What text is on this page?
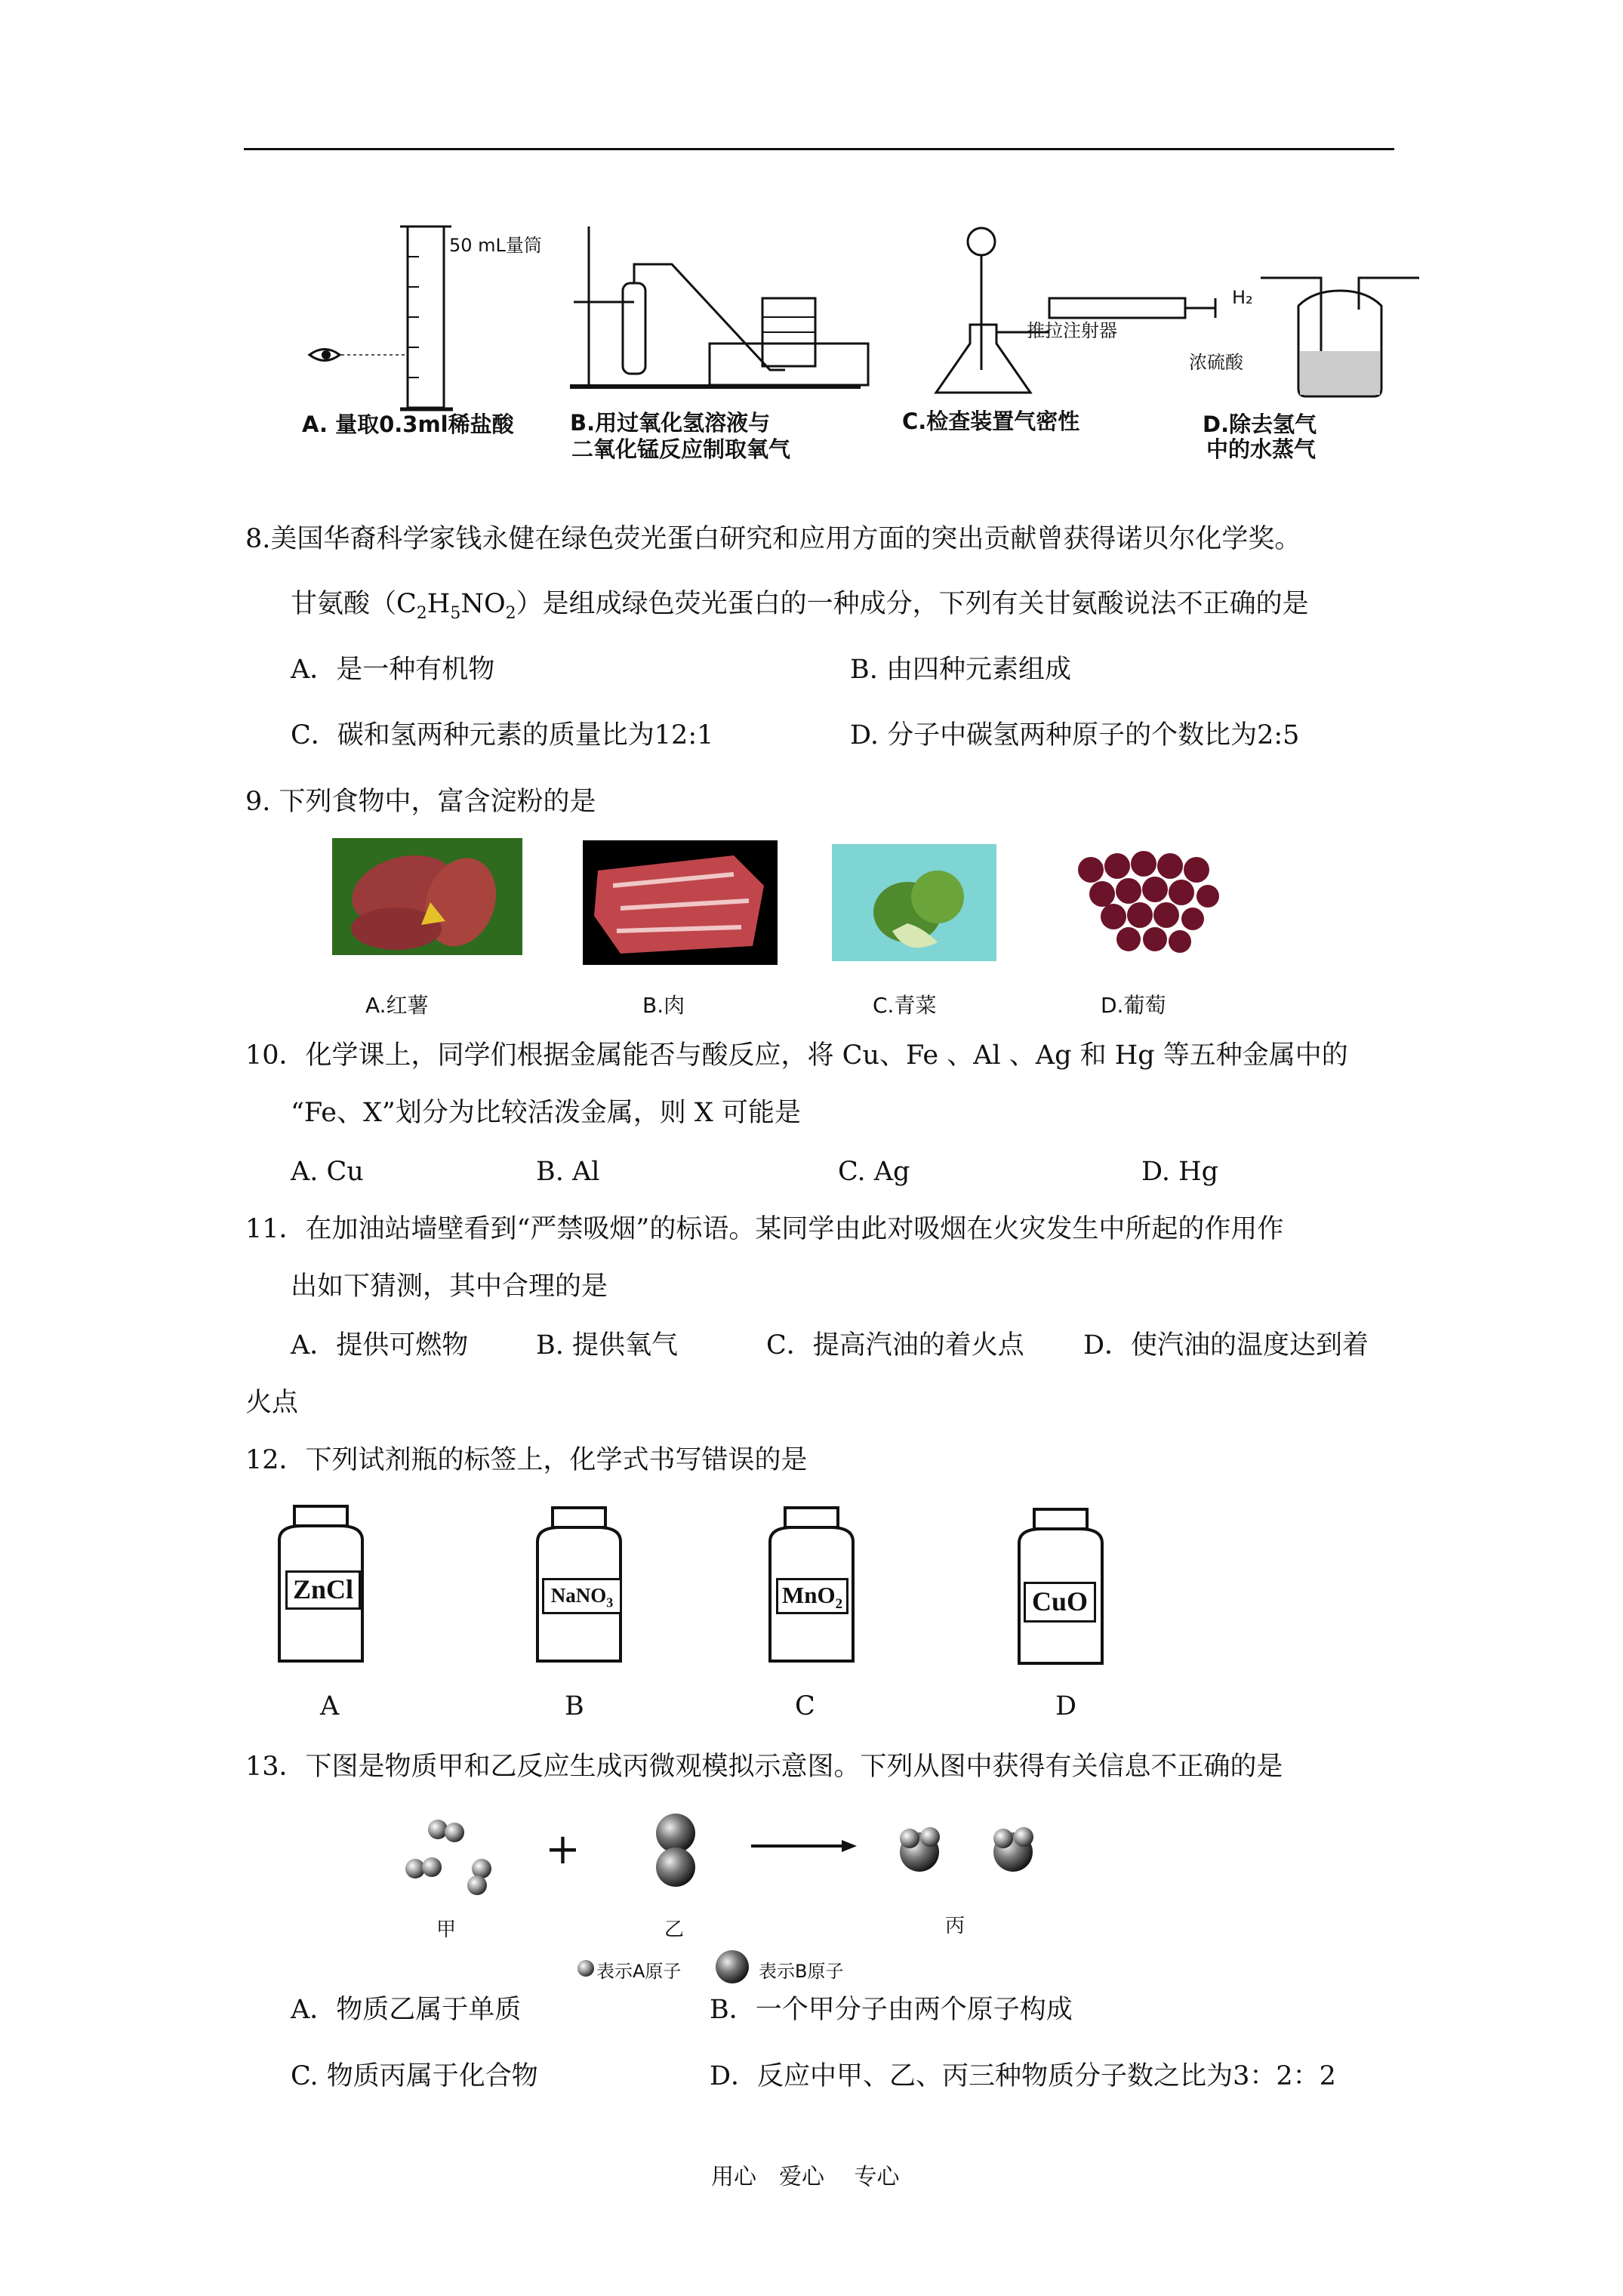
50 mL量筒
推拉注射器
H₂
浓硫酸
A. 量取0.3ml稀盐酸	B.用过氧化氢溶液与
二氧化锰反应制取氧气
C.检查装置气密性	D.除去氢气
中的水蒸气
8.美国华裔科学家钱永健在绿色荧光蛋白研究和应用方面的突出贡献曾获得诺贝尔化学奖。
甘氨酸$(C_2H_5NO_2)$是组成绿色荧光蛋白的一种成分，下列有关甘氨酸说法不正确的是
A．是一种有机物	B. 由四种元素组成
C．碳和氢两种元素的质量比为12:1	D. 分子中碳氢两种原子的个数比为2:5
9. 下列食物中，富含淀粉的是
A.红薯	B.肉	C.青菜	D.葡萄
10．化学课上，同学们根据金属能否与酸反应，将 Cu、Fe 、Al 、Ag 和 Hg 等五种金属中的
“Fe、X”划分为比较活泼金属，则 X 可能是
A. Cu	B. Al	C. Ag	D. Hg
11．在加油站墙壁看到“严禁吸烟”的标语。某同学由此对吸烟在火灾发生中所起的作用作
出如下猜测，其中合理的是
A．提供可燃物	B. 提供氧气	C．提高汽油的着火点 D．使汽油的温度达到着
火点
12．下列试剂瓶的标签上，化学式书写错误的是
ZnCl	NaNO$_3$	MnO$_2$	CuO
A	B	C	D
13．下图是物质甲和乙反应生成丙微观模拟示意图。下列从图中获得有关信息不正确的是
+
甲	乙	丙
表示A原子	表示B原子
A．物质乙属于单质	B．一个甲分子由两个原子构成
C. 物质丙属于化合物	D．反应中甲、乙、丙三种物质分子数之比为3：2：2
用心　爱心　 专心
